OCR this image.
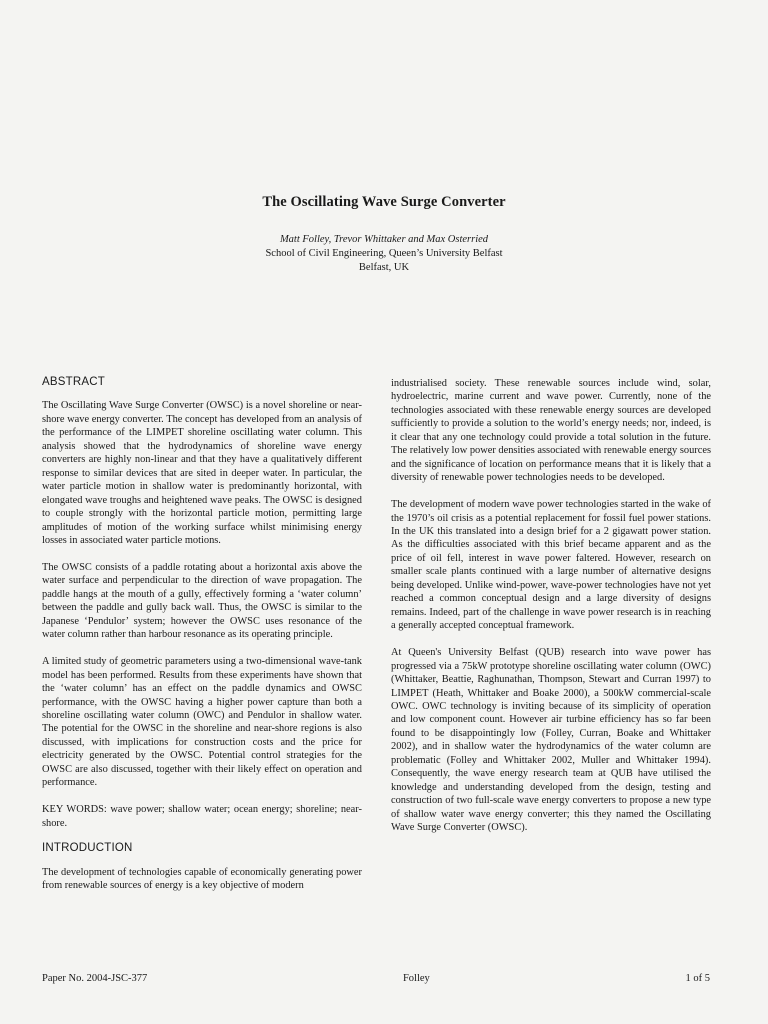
The Oscillating Wave Surge Converter
Matt Folley, Trevor Whittaker and Max Osterried
School of Civil Engineering, Queen’s University Belfast
Belfast, UK
ABSTRACT

The Oscillating Wave Surge Converter (OWSC) is a novel shoreline or near-shore wave energy converter. The concept has developed from an analysis of the performance of the LIMPET shoreline oscillating water column. This analysis showed that the hydrodynamics of shoreline wave energy converters are highly non-linear and that they have a qualitatively different response to similar devices that are sited in deeper water. In particular, the water particle motion in shallow water is predominantly horizontal, with elongated wave troughs and heightened wave peaks. The OWSC is designed to couple strongly with the horizontal particle motion, permitting large amplitudes of motion of the working surface whilst minimising energy losses in associated water particle motions.

The OWSC consists of a paddle rotating about a horizontal axis above the water surface and perpendicular to the direction of wave propagation. The paddle hangs at the mouth of a gully, effectively forming a ‘water column’ between the paddle and gully back wall. Thus, the OWSC is similar to the Japanese ‘Pendulor’ system; however the OWSC uses resonance of the water column rather than harbour resonance as its operating principle.

A limited study of geometric parameters using a two-dimensional wave-tank model has been performed. Results from these experiments have shown that the ‘water column’ has an effect on the paddle dynamics and OWSC performance, with the OWSC having a higher power capture than both a shoreline oscillating water column (OWC) and Pendulor in shallow water. The potential for the OWSC in the shoreline and near-shore regions is also discussed, with implications for construction costs and the price for electricity generated by the OWSC. Potential control strategies for the OWSC are also discussed, together with their likely effect on operation and performance.

KEY WORDS: wave power; shallow water; ocean energy; shoreline; near-shore.

INTRODUCTION

The development of technologies capable of economically generating power from renewable sources of energy is a key objective of modern

industrialised society. These renewable sources include wind, solar, hydroelectric, marine current and wave power. Currently, none of the technologies associated with these renewable energy sources are developed sufficiently to provide a solution to the world’s energy needs; nor, indeed, is it clear that any one technology could provide a total solution in the future. The relatively low power densities associated with renewable energy sources and the significance of location on performance means that it is likely that a diversity of renewable power technologies needs to be developed.

The development of modern wave power technologies started in the wake of the 1970’s oil crisis as a potential replacement for fossil fuel power stations. In the UK this translated into a design brief for a 2 gigawatt power station. As the difficulties associated with this brief became apparent and as the price of oil fell, interest in wave power faltered. However, research on smaller scale plants continued with a large number of alternative designs being developed. Unlike wind-power, wave-power technologies have not yet reached a common conceptual design and a large diversity of designs remains. Indeed, part of the challenge in wave power research is in reaching a generally accepted conceptual framework.

At Queen's University Belfast (QUB) research into wave power has progressed via a 75kW prototype shoreline oscillating water column (OWC) (Whittaker, Beattie, Raghunathan, Thompson, Stewart and Curran 1997) to LIMPET (Heath, Whittaker and Boake 2000), a 500kW commercial-scale OWC. OWC technology is inviting because of its simplicity of operation and low component count. However air turbine efficiency has so far been found to be disappointingly low (Folley, Curran, Boake and Whittaker 2002), and in shallow water the hydrodynamics of the water column are problematic (Folley and Whittaker 2002, Muller and Whittaker 1994). Consequently, the wave energy research team at QUB have utilised the knowledge and understanding developed from the design, testing and construction of two full-scale wave energy converters to propose a new type of shallow water wave energy converter; this they named the Oscillating Wave Surge Converter (OWSC).

Paper No. 2004-JSC-377	Folley	1 of 5
